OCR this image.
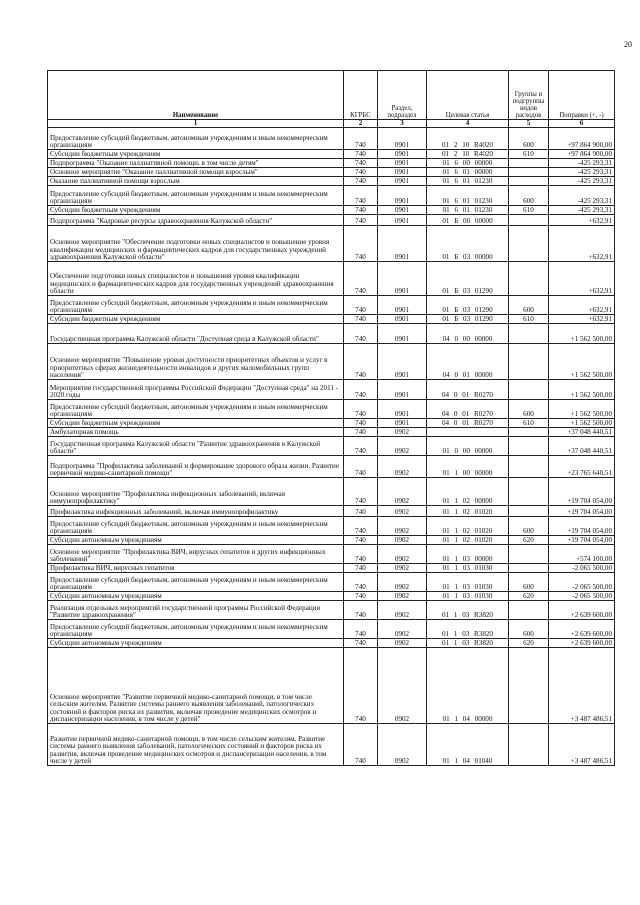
20
Наименование	КГРБС	Раздел, подраздел	Целевая статья	Группы и подгруппы видов расходов	Поправки (+, -)
1	2	3	4	5	6
Предоставление субсидий бюджетным, автономным учреждениям и иным некоммерческим организациям	740	0901	01 2 10 R4020	600	+97 864 900,00
Субсидии бюджетным учреждениям	740	0901	01 2 10 R4020	610	+97 864 900,00
Подпрограмма "Оказание паллиативной помощи, в том числе детям"	740	0901	01 6 00 00000		-425 293,31
Основное мероприятие "Оказание паллиативной помощи взрослым"	740	0901	01 6 01 00000		-425 293,31
Оказание паллиативной помощи взрослым	740	0901	01 6 01 01230		-425 293,31
Предоставление субсидий бюджетным, автономным учреждениям и иным некоммерческим организациям	740	0901	01 6 01 01230	600	-425 293,31
Субсидии бюджетным учреждениям	740	0901	01 6 01 01230	610	-425 293,31
Подпрограмма "Кадровые ресурсы здравоохранения Калужской области"	740	0901	01 Б 00 00000		+632,91
Основное мероприятие "Обеспечение подготовки новых специалистов и повышение уровня квалификации медицинских и фармацевтических кадров для государственных учреждений здравоохранения Калужской области"	740	0901	01 Б 03 00000		+632,91
Обеспечение подготовки новых специалистов и повышения уровня квалификации медицинских и фармацевтических кадров для государственных учреждений здравоохранения области	740	0901	01 Б 03 01290		+632,91
Предоставление субсидий бюджетным, автономным учреждениям и иным некоммерческим организациям	740	0901	01 Б 03 01290	600	+632,91
Субсидии бюджетным учреждениям	740	0901	01 Б 03 01290	610	+632,91
Государственная программа Калужской области "Доступная среда в Калужской области"	740	0901	04 0 00 00000		+1 562 500,00
Основное мероприятие "Повышение уровня доступности приоритетных объектов и услуг в приоритетных сферах жизнедеятельности инвалидов и других маломобильных групп населения"	740	0901	04 0 01 00000		+1 562 500,00
Мероприятия государственной программы Российской Федерации "Доступная среда" на 2011 - 2020 годы	740	0901	04 0 01 R0270		+1 562 500,00
Предоставление субсидий бюджетным, автономным учреждениям и иным некоммерческим организациям	740	0901	04 0 01 R0270	600	+1 562 500,00
Субсидии бюджетным учреждениям	740	0901	04 0 01 R0270	610	+1 562 500,00
Амбулаторная помощь	740	0902			+37 048 440,51
Государственная программа Калужской области "Развитие здравоохранения в Калужской области"	740	0902	01 0 00 00000		+37 048 440,51
Подпрограмма "Профилактика заболеваний и формирование здорового образа жизни. Развитие первичной медико-санитарной помощи"	740	0902	01 1 00 00000		+23 765 640,51
Основное мероприятие "Профилактика инфекционных заболеваний, включая иммунопрофилактику"	740	0902	01 1 02 00000		+19 704 054,00
Профилактика инфекционных заболеваний, включая иммунопрофилактику	740	0902	01 1 02 01020		+19 704 054,00
Предоставление субсидий бюджетным, автономным учреждениям и иным некоммерческим организациям	740	0902	01 1 02 01020	600	+19 704 054,00
Субсидии автономным учреждениям	740	0902	01 1 02 01020	620	+19 704 054,00
Основное мероприятие "Профилактика ВИЧ, вирусных гепатитов и других инфекционных заболеваний"	740	0902	01 1 03 00000		+574 100,00
Профилактика ВИЧ, вирусных гепатитов	740	0902	01 1 03 01030		-2 065 500,00
Предоставление субсидий бюджетным, автономным учреждениям и иным некоммерческим организациям	740	0902	01 1 03 01030	600	-2 065 500,00
Субсидии автономным учреждениям	740	0902	01 1 03 01030	620	-2 065 500,00
Реализация отдельных мероприятий государственной программы Российской Федерации "Развитие здравоохранения"	740	0902	01 1 03 R3820		+2 639 600,00
Предоставление субсидий бюджетным, автономным учреждениям и иным некоммерческим организациям	740	0902	01 1 03 R3820	600	+2 639 600,00
Субсидии автономным учреждениям	740	0902	01 1 03 R3820	620	+2 639 600,00
Основное мероприятие "Развитие первичной медико-санитарной помощи, в том числе сельским жителям. Развитие системы раннего выявления заболеваний, патологических состояний и факторов риска их развития, включая проведение медицинских осмотров и диспансеризации населения, в том числе у детей"	740	0902	01 1 04 00000		+3 487 486,51
Развитие первичной медико-санитарной помощи, в том числе сельским жителям. Развитие системы раннего выявления заболеваний, патологических состояний и факторов риска их развития, включая проведение медицинских осмотров и диспансеризации населения, в том числе у детей	740	0902	01 1 04 01040		+3 487 486,51
